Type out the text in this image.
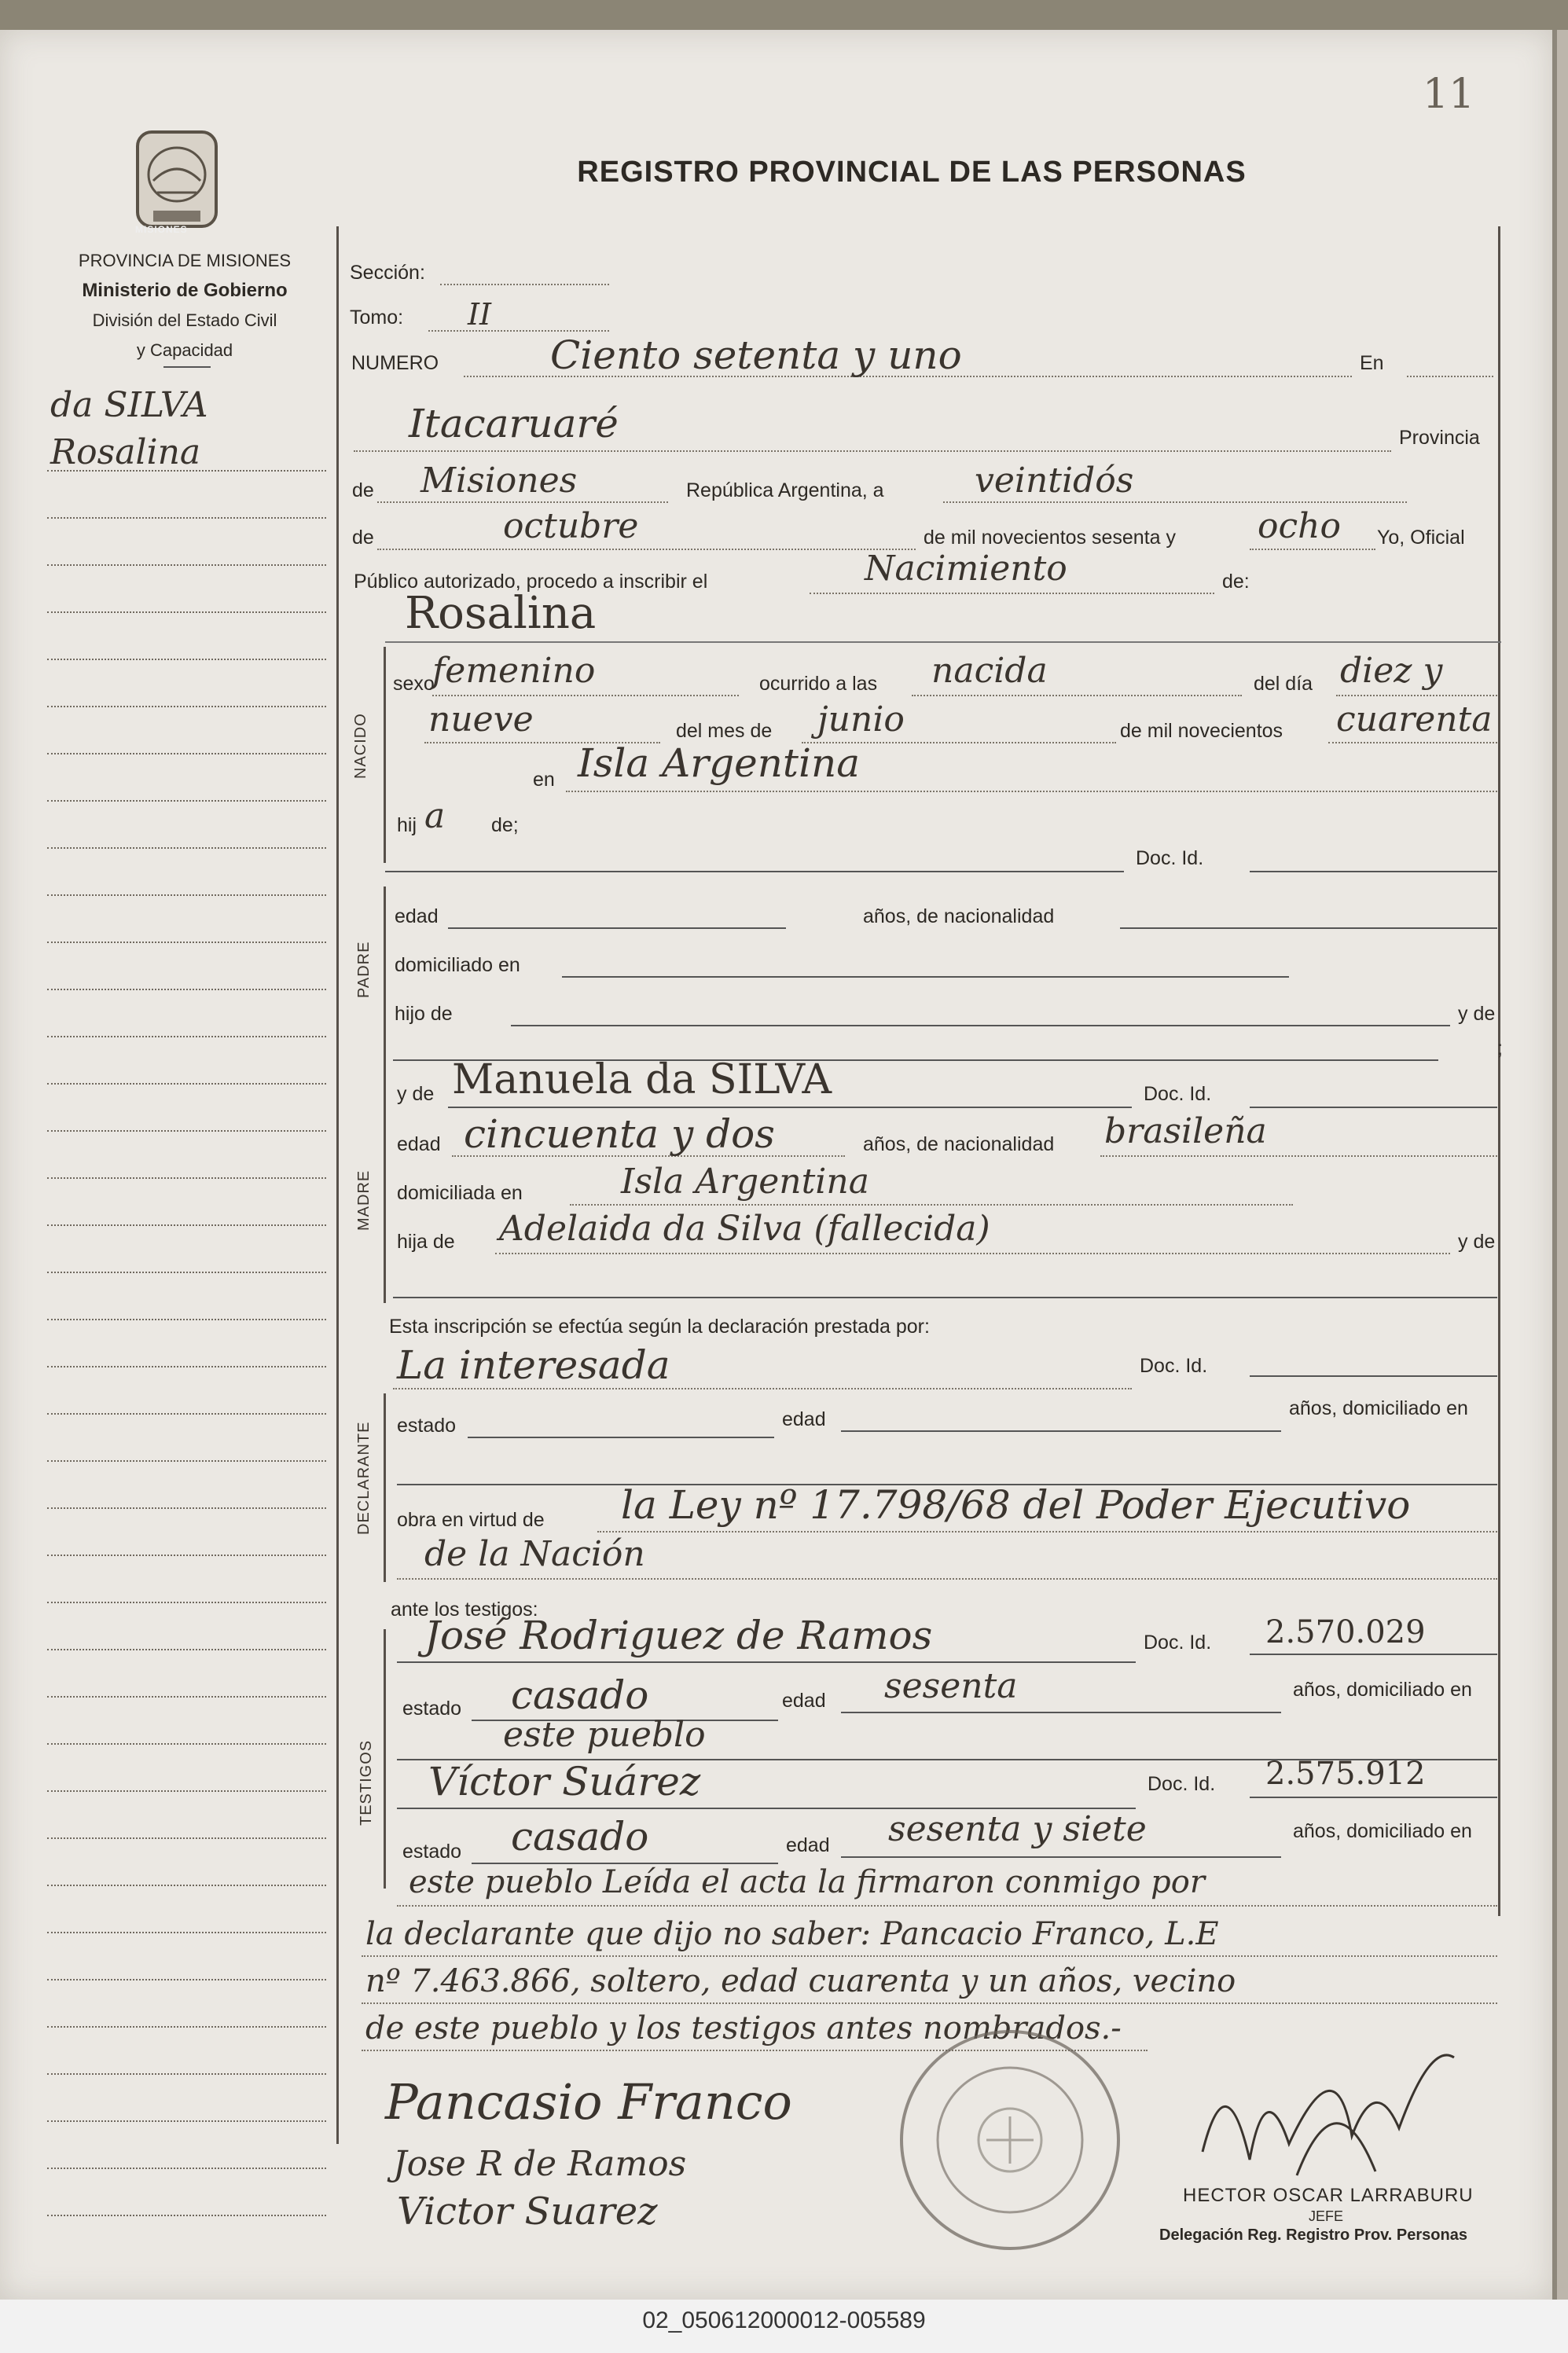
11
MISIONES
PROVINCIA DE MISIONES
Ministerio de Gobierno
División del Estado Civil
y Capacidad
REGISTRO PROVINCIAL DE LAS PERSONAS
da SILVA
Rosalina
Sección:
Tomo: II
NUMERO	Ciento setenta y uno	En
Itacaruaré	Provincia
de Misiones	República Argentina, a	veintidós
de	octubre	de mil novecientos sesenta y ocho Yo, Oficial
Público autorizado, procedo a inscribir el	Nacimiento	de:
Rosalina
NACIDO
sexo
femenino	ocurrido a las nacida	del día diez y
nueve	del mes de junio	de mil novecientos cuarenta
en Isla Argentina
hij a de;
Doc. Id.
PADRE
edad	años, de nacionalidad
domiciliado en
hijo de	y de
;
MADRE
y de Manuela da SILVA	Doc. Id.
edad cincuenta y dos	años, de nacionalidad brasileña
domiciliada en	Isla Argentina
hija de Adelaida da Silva (fallecida)	y de
Esta inscripción se efectúa según la declaración prestada por:
La interesada	Doc. Id.
DECLARANTE estado	edad	años, domiciliado en
obra en virtud de la Ley nº 17.798/68 del Poder Ejecutivo
de la Nación
ante los testigos:
TESTIGOS
José Rodriguez de Ramos	Doc. Id. 2.570.029
estado casado	edad sesenta	años, domiciliado en
este pueblo
Víctor Suárez	Doc. Id. 2.575.912
estado casado	edad sesenta y siete	años, domiciliado en
este pueblo Leída el acta la firmaron conmigo por
la declarante que dijo no saber: Pancacio Franco, L.E
nº 7.463.866, soltero, edad cuarenta y un años, vecino
de este pueblo y los testigos antes nombrados.-
Pancasio Franco
Jose R de Ramos
Victor Suarez	HECTOR OSCAR LARRABURU
JEFE
Delegación Reg. Registro Prov. Personas
02_050612000012-005589
